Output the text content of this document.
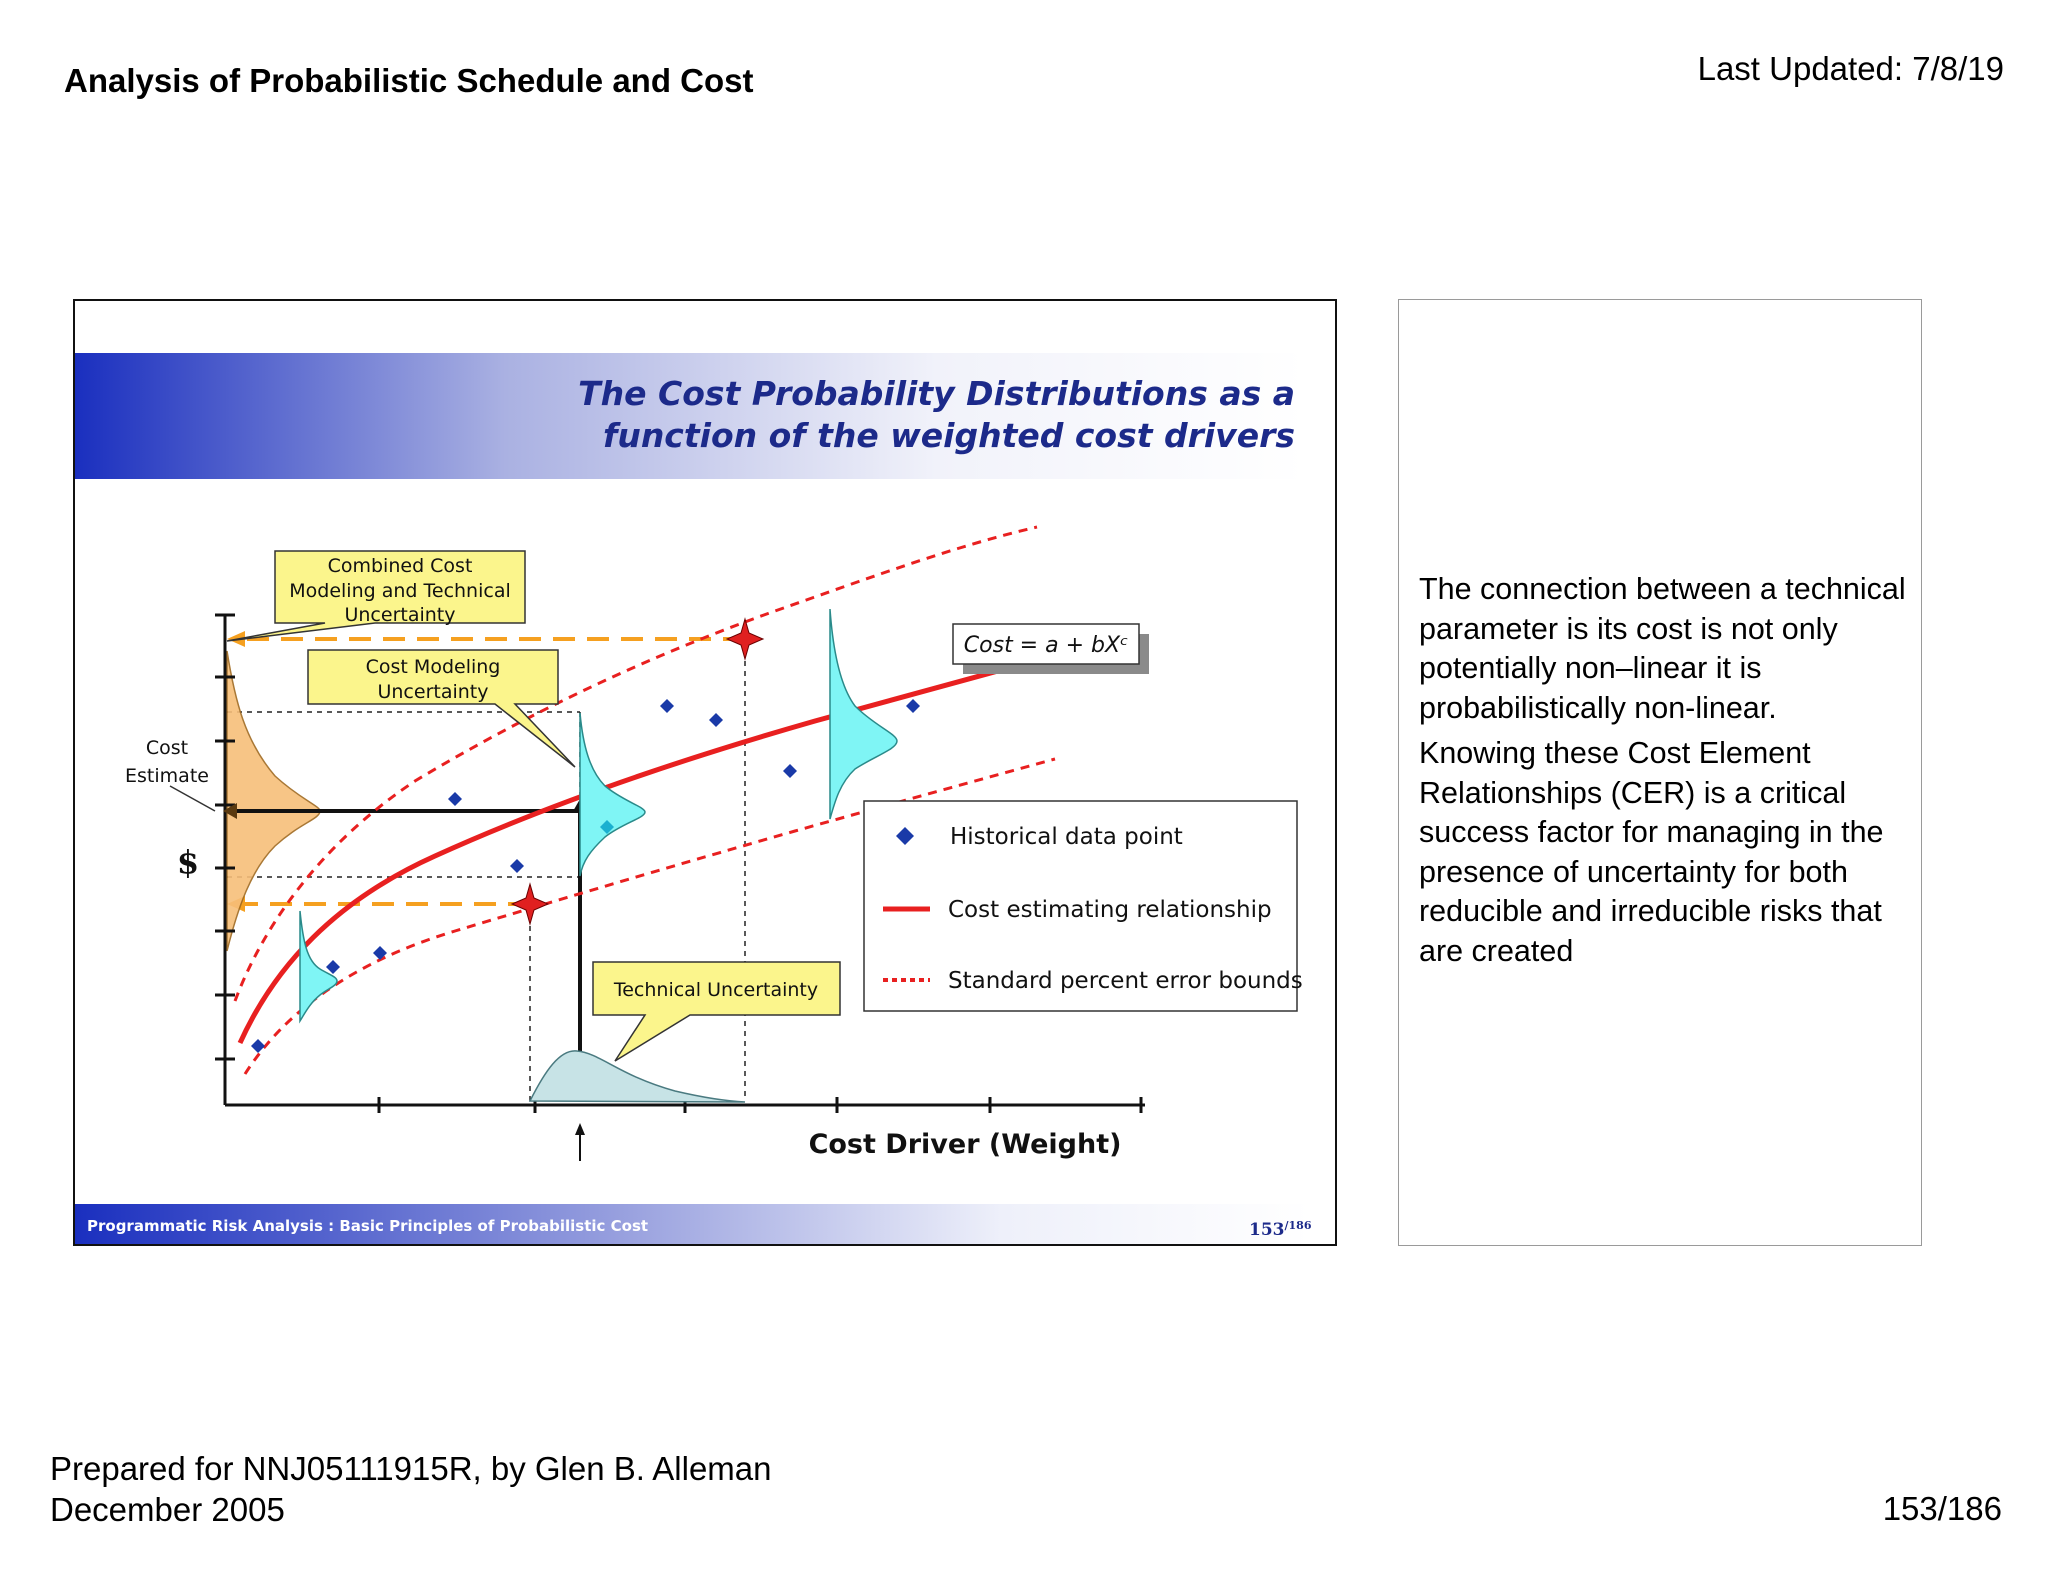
Analysis of Probabilistic Schedule and Cost	Last Updated: 7/8/19
The Cost Probability Distributions as a
function of the weighted cost drivers
Cost
Estimate
$
Cost Driver (Weight)
Cost = a + bXᶜ
Combined Cost
Modeling and Technical
Uncertainty
Cost Modeling
Uncertainty
Technical Uncertainty
Historical data point
Cost estimating relationship
Standard percent error bounds
Programmatic Risk Analysis : Basic Principles of Probabilistic Cost	$153^{/186}$

The connection between a technical parameter is its cost is not only potentially non–linear it is probabilistically non-linear.

Knowing these Cost Element Relationships (CER) is a critical success factor for managing in the presence of uncertainty for both reducible and irreducible risks that are created

Prepared for NNJ05111915R, by Glen B. Alleman
December 2005	153/186
